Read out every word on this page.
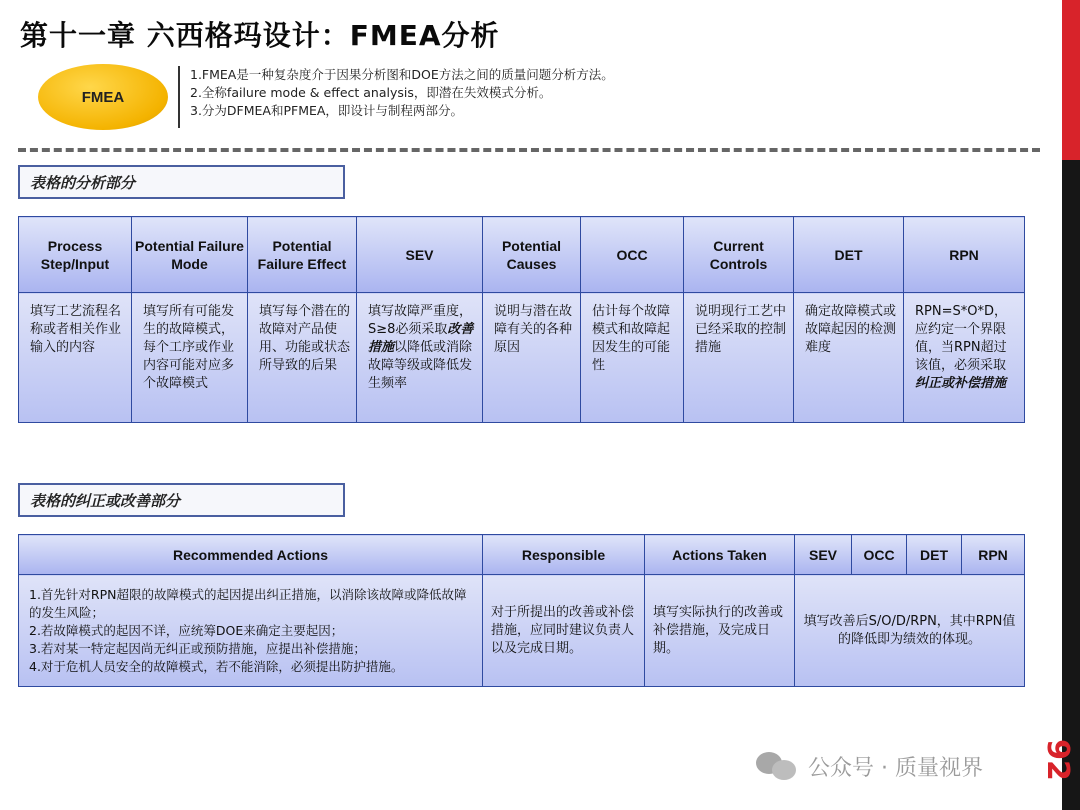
92
第十一章 六西格玛设计：FMEA分析
FMEA
1.FMEA是一种复杂度介于因果分析图和DOE方法之间的质量问题分析方法。
2.全称failure mode & effect analysis，即潜在失效模式分析。
3.分为DFMEA和PFMEA，即设计与制程两部分。
表格的分析部分
Process Step/Input	Potential Failure Mode	Potential Failure Effect	SEV	Potential Causes	OCC	Current Controls	DET	RPN
填写工艺流程名称或者相关作业输入的内容	填写所有可能发生的故障模式，每个工序或作业内容可能对应多个故障模式	填写每个潜在的故障对产品使用、功能或状态所导致的后果	填写故障严重度，S≥8必须采取改善措施以降低或消除故障等级或降低发生频率	说明与潜在故障有关的各种原因	估计每个故障模式和故障起因发生的可能性	说明现行工艺中已经采取的控制措施	确定故障模式或故障起因的检测难度	RPN=S*O*D，应约定一个界限值，当RPN超过该值，必须采取纠正或补偿措施
表格的纠正或改善部分
Recommended Actions	Responsible	Actions Taken	SEV	OCC	DET	RPN

1.首先针对RPN超限的故障模式的起因提出纠正措施，以消除该故障或降低故障的发生风险；
2.若故障模式的起因不详，应统筹DOE来确定主要起因；
3.若对某一特定起因尚无纠正或预防措施，应提出补偿措施；
4.对于危机人员安全的故障模式，若不能消除，必须提出防护措施。	对于所提出的改善或补偿措施，应同时建议负责人以及完成日期。	填写实际执行的改善或补偿措施，及完成日期。	填写改善后S/O/D/RPN，其中RPN值的降低即为绩效的体现。			
公众号 · 质量视界
